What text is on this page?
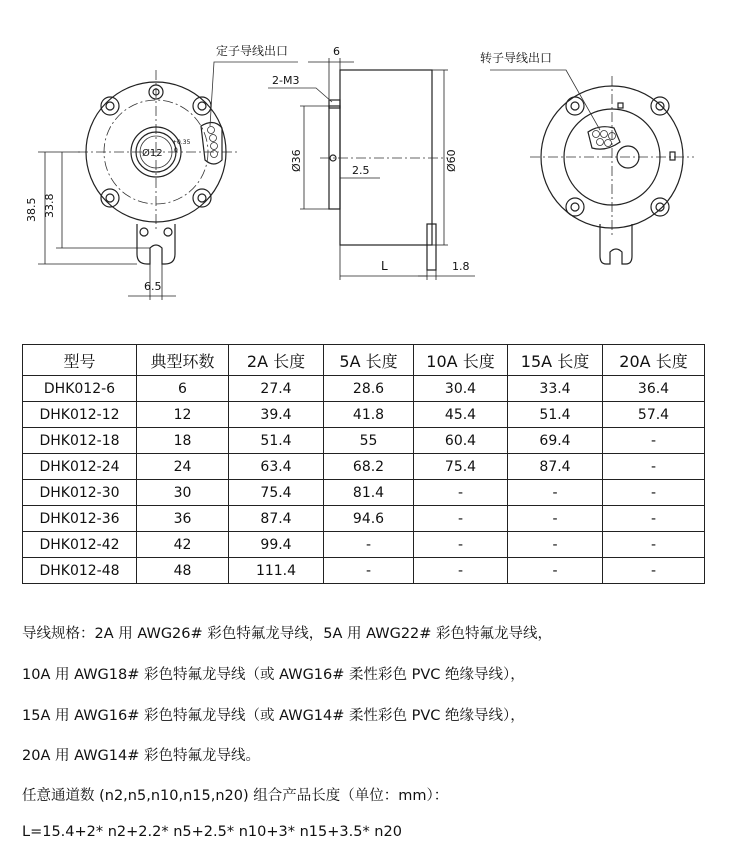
Ø12
+0.35
0
定子导线出口
38.5 33.8
6.5
6
2-M3
Ø36	2.5	Ø60
L	1.8
转子导线出口
型号	典型环数	2A 长度	5A 长度	10A 长度	15A 长度	20A 长度
DHK012-6	6	27.4	28.6	30.4	33.4	36.4
DHK012-12	12	39.4	41.8	45.4	51.4	57.4
DHK012-18	18	51.4	55	60.4	69.4	-
DHK012-24	24	63.4	68.2	75.4	87.4	-
DHK012-30	30	75.4	81.4	-	-	-
DHK012-36	36	87.4	94.6	-	-	-
DHK012-42	42	99.4	-	-	-	-
DHK012-48	48	111.4	-	-	-	-

导线规格：2A 用 AWG26# 彩色特氟龙导线，5A 用 AWG22# 彩色特氟龙导线，

10A 用 AWG18# 彩色特氟龙导线（或 AWG16# 柔性彩色 PVC 绝缘导线），

15A 用 AWG16# 彩色特氟龙导线（或 AWG14# 柔性彩色 PVC 绝缘导线），

20A 用 AWG14# 彩色特氟龙导线。

任意通道数 (n2,n5,n10,n15,n20) 组合产品长度（单位：mm）：

L=15.4+2* n2+2.2* n5+2.5* n10+3* n15+3.5* n20
